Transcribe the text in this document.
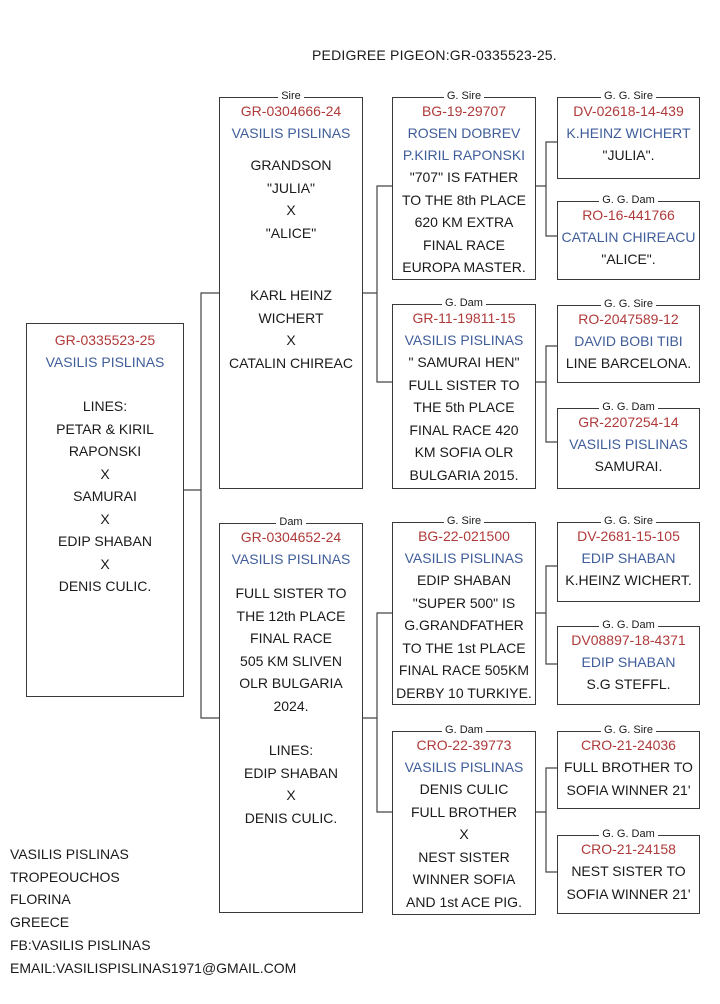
PEDIGREE PIGEON:GR-0335523-25.
GR-0335523-25
VASILIS PISLINAS
LINES:
PETAR & KIRIL
RAPONSKI
X
SAMURAI
X
EDIP SHABAN
X
DENIS CULIC.
Sire
GR-0304666-24
VASILIS PISLINAS
GRANDSON
"JULIA"
X
"ALICE"
KARL HEINZ
WICHERT
X
CATALIN CHIREAC
Dam
GR-0304652-24
VASILIS PISLINAS
FULL SISTER TO
THE 12th PLACE
FINAL RACE
505 KM SLIVEN
OLR BULGARIA
2024.
LINES:
EDIP SHABAN
X
DENIS CULIC.
G. Sire
BG-19-29707
ROSEN DOBREV
P.KIRIL RAPONSKI
"707" IS FATHER
TO THE 8th PLACE
620 KM EXTRA
FINAL RACE
EUROPA MASTER.
G. Dam
GR-11-19811-15
VASILIS PISLINAS
" SAMURAI HEN"
FULL SISTER TO
THE 5th PLACE
FINAL RACE 420
KM SOFIA OLR
BULGARIA 2015.
G. Sire
BG-22-021500
VASILIS PISLINAS
EDIP SHABAN
"SUPER 500" IS
G.GRANDFATHER
TO THE 1st PLACE
FINAL RACE 505KM
DERBY 10 TURKIYE.
G. Dam
CRO-22-39773
VASILIS PISLINAS
DENIS CULIC
FULL BROTHER
X
NEST SISTER
WINNER SOFIA
AND 1st ACE PIG.
G. G. Sire
DV-02618-14-439
K.HEINZ WICHERT
"JULIA".
G. G. Dam
RO-16-441766
CATALIN CHIREACU
"ALICE".
G. G. Sire
RO-2047589-12
DAVID BOBI TIBI
LINE BARCELONA.
G. G. Dam
GR-2207254-14
VASILIS PISLINAS
SAMURAI.
G. G. Sire
DV-2681-15-105
EDIP SHABAN
K.HEINZ WICHERT.
G. G. Dam
DV08897-18-4371
EDIP SHABAN
S.G STEFFL.
G. G. Sire
CRO-21-24036
FULL BROTHER TO
SOFIA WINNER 21'
G. G. Dam
CRO-21-24158
NEST SISTER TO
SOFIA WINNER 21'
VASILIS PISLINAS
TROPEOUCHOS
FLORINA
GREECE
FB:VASILIS PISLINAS
EMAIL:VASILISPISLINAS1971@GMAIL.COM
